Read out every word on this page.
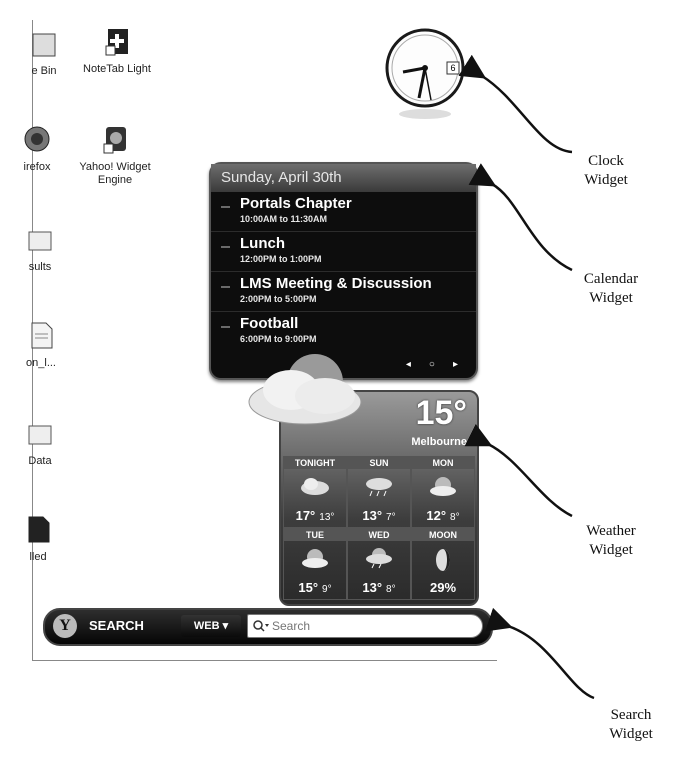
e Bin	NoteTab Light
irefox	Yahoo! Widget Engine
sults
on_l...
Data
lled
6
Sunday, April 30th
Portals Chapter
10:00AM to 11:30AM
Lunch
12:00PM to 1:00PM
LMS Meeting & Discussion
2:00PM to 5:00PM
Football
6:00PM to 9:00PM
◂ ○ ▸
15°
Melbourne
TONIGHT
17° 13°
SUN
13° 7°
MON
12° 8°
TUE
15° 9°
WED
13° 8°
MOON
29%
Y	SEARCH	WEB ▾
Search
Clock
Widget
Calendar
Widget
Weather
Widget
Search
Widget
